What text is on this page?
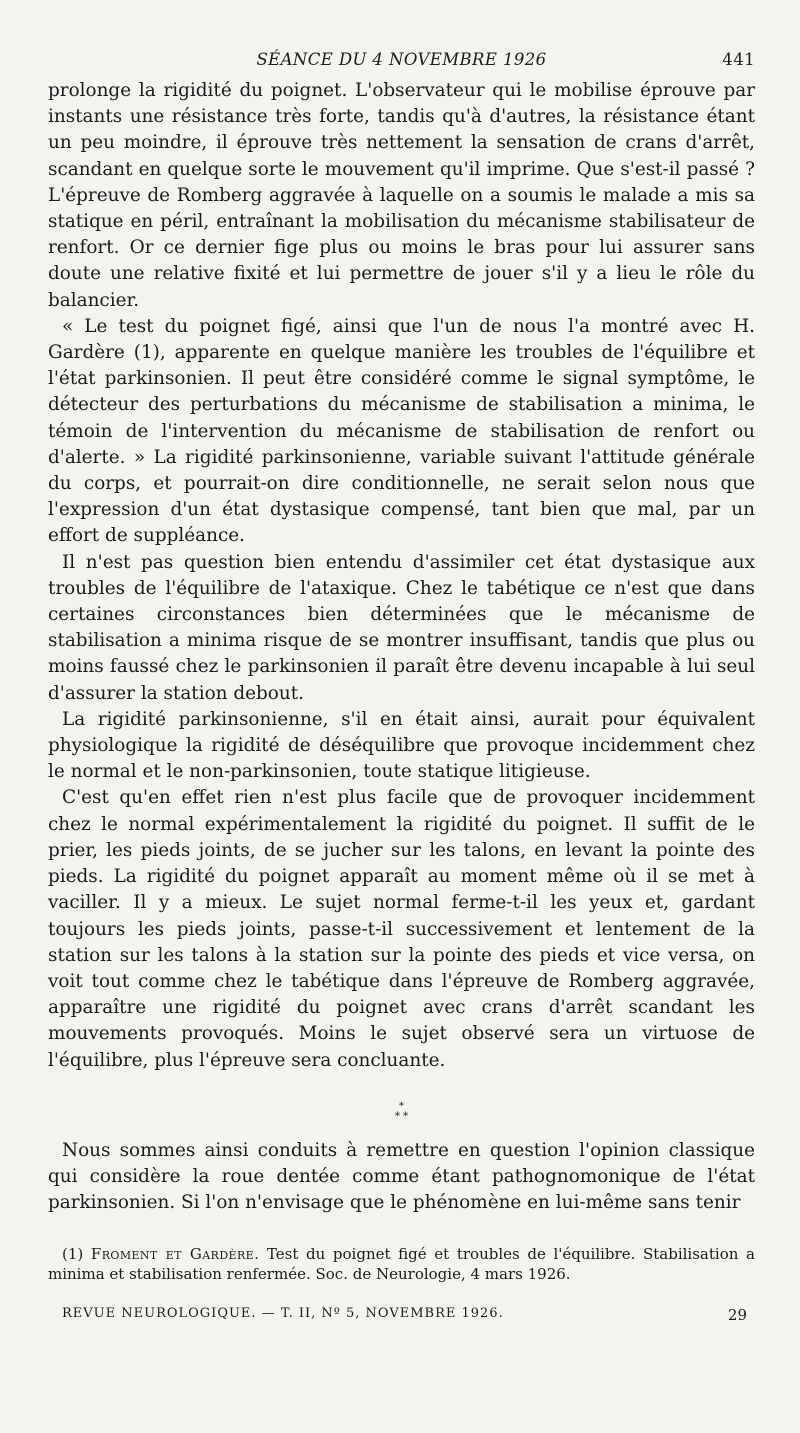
SÉANCE DU 4 NOVEMBRE 1926	441

prolonge la rigidité du poignet. L'observateur qui le mobilise éprouve par instants une résistance très forte, tandis qu'à d'autres, la résistance étant un peu moindre, il éprouve très nettement la sensation de crans d'arrêt, scandant en quelque sorte le mouvement qu'il imprime. Que s'est-il passé ? L'épreuve de Romberg aggravée à laquelle on a soumis le malade a mis sa statique en péril, entraînant la mobilisation du mécanisme stabilisateur de renfort. Or ce dernier fige plus ou moins le bras pour lui assurer sans doute une relative fixité et lui permettre de jouer s'il y a lieu le rôle du balancier.

« Le test du poignet figé, ainsi que l'un de nous l'a montré avec H. Gardère (1), apparente en quelque manière les troubles de l'équilibre et l'état parkinsonien. Il peut être considéré comme le signal symptôme, le détecteur des perturbations du mécanisme de stabilisation a minima, le témoin de l'intervention du mécanisme de stabilisation de renfort ou d'alerte. » La rigidité parkinsonienne, variable suivant l'attitude générale du corps, et pourrait-on dire conditionnelle, ne serait selon nous que l'expression d'un état dystasique compensé, tant bien que mal, par un effort de suppléance.

Il n'est pas question bien entendu d'assimiler cet état dystasique aux troubles de l'équilibre de l'ataxique. Chez le tabétique ce n'est que dans certaines circonstances bien déterminées que le mécanisme de stabilisation a minima risque de se montrer insuffisant, tandis que plus ou moins faussé chez le parkinsonien il paraît être devenu incapable à lui seul d'assurer la station debout.

La rigidité parkinsonienne, s'il en était ainsi, aurait pour équivalent physiologique la rigidité de déséquilibre que provoque incidemment chez le normal et le non-parkinsonien, toute statique litigieuse.

C'est qu'en effet rien n'est plus facile que de provoquer incidemment chez le normal expérimentalement la rigidité du poignet. Il suffit de le prier, les pieds joints, de se jucher sur les talons, en levant la pointe des pieds. La rigidité du poignet apparaît au moment même où il se met à vaciller. Il y a mieux. Le sujet normal ferme-t-il les yeux et, gardant toujours les pieds joints, passe-t-il successivement et lentement de la station sur les talons à la station sur la pointe des pieds et vice versa, on voit tout comme chez le tabétique dans l'épreuve de Romberg aggravée, apparaître une rigidité du poignet avec crans d'arrêt scandant les mouvements provoqués. Moins le sujet observé sera un virtuose de l'équilibre, plus l'épreuve sera concluante.

*
* *

Nous sommes ainsi conduits à remettre en question l'opinion classique qui considère la roue dentée comme étant pathognomonique de l'état parkinsonien. Si l'on n'envisage que le phénomène en lui-même sans tenir

(1) Froment et Gardère. Test du poignet figé et troubles de l'équilibre. Stabilisation a minima et stabilisation renfermée. Soc. de Neurologie, 4 mars 1926.
REVUE NEUROLOGIQUE. — T. II, Nº 5, NOVEMBRE 1926.	29
